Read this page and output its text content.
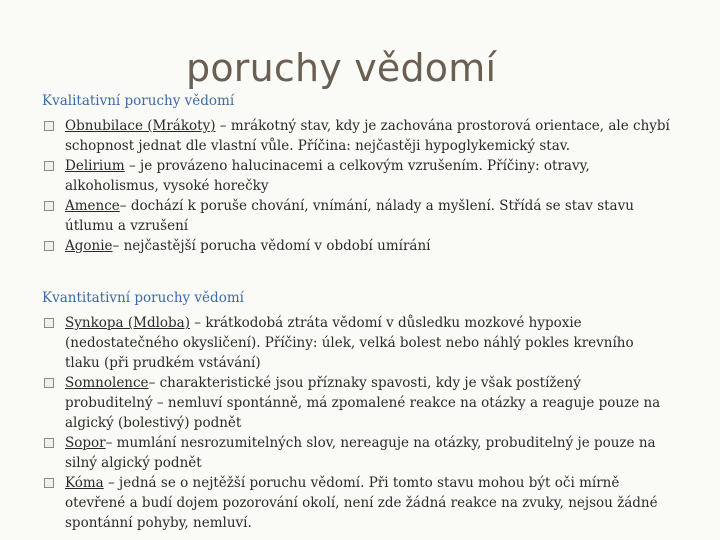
poruchy vědomí
Kvalitativní poruchy vědomí
Obnubilace (Mrákoty) – mrákotný stav, kdy je zachována prostorová orientace, ale chybí schopnost jednat dle vlastní vůle. Příčina: nejčastěji hypoglykemický stav.
Delirium – je provázeno halucinacemi a celkovým vzrušením. Příčiny: otravy, alkoholismus, vysoké horečky
Amence– dochází k poruše chování, vnímání, nálady a myšlení. Střídá se stav stavu útlumu a vzrušení
Agonie– nejčastější porucha vědomí v období umírání
Kvantitativní poruchy vědomí
Synkopa (Mdloba) – krátkodobá ztráta vědomí v důsledku mozkové hypoxie (nedostatečného okysličení). Příčiny: úlek, velká bolest nebo náhlý pokles krevního tlaku (při prudkém vstávání)
Somnolence– charakteristické jsou příznaky spavosti, kdy je však postížený probuditelný – nemluví spontánně, má zpomalené reakce na otázky a reaguje pouze na algický (bolestivý) podnět
Sopor– mumlání nesrozumitelných slov, nereaguje na otázky, probuditelný je pouze na silný algický podnět
Kóma – jedná se o nejtěžší poruchu vědomí. Při tomto stavu mohou být oči mírně otevřené a budí dojem pozorování okolí, není zde žádná reakce na zvuky, nejsou žádné spontánní pohyby, nemluví.
